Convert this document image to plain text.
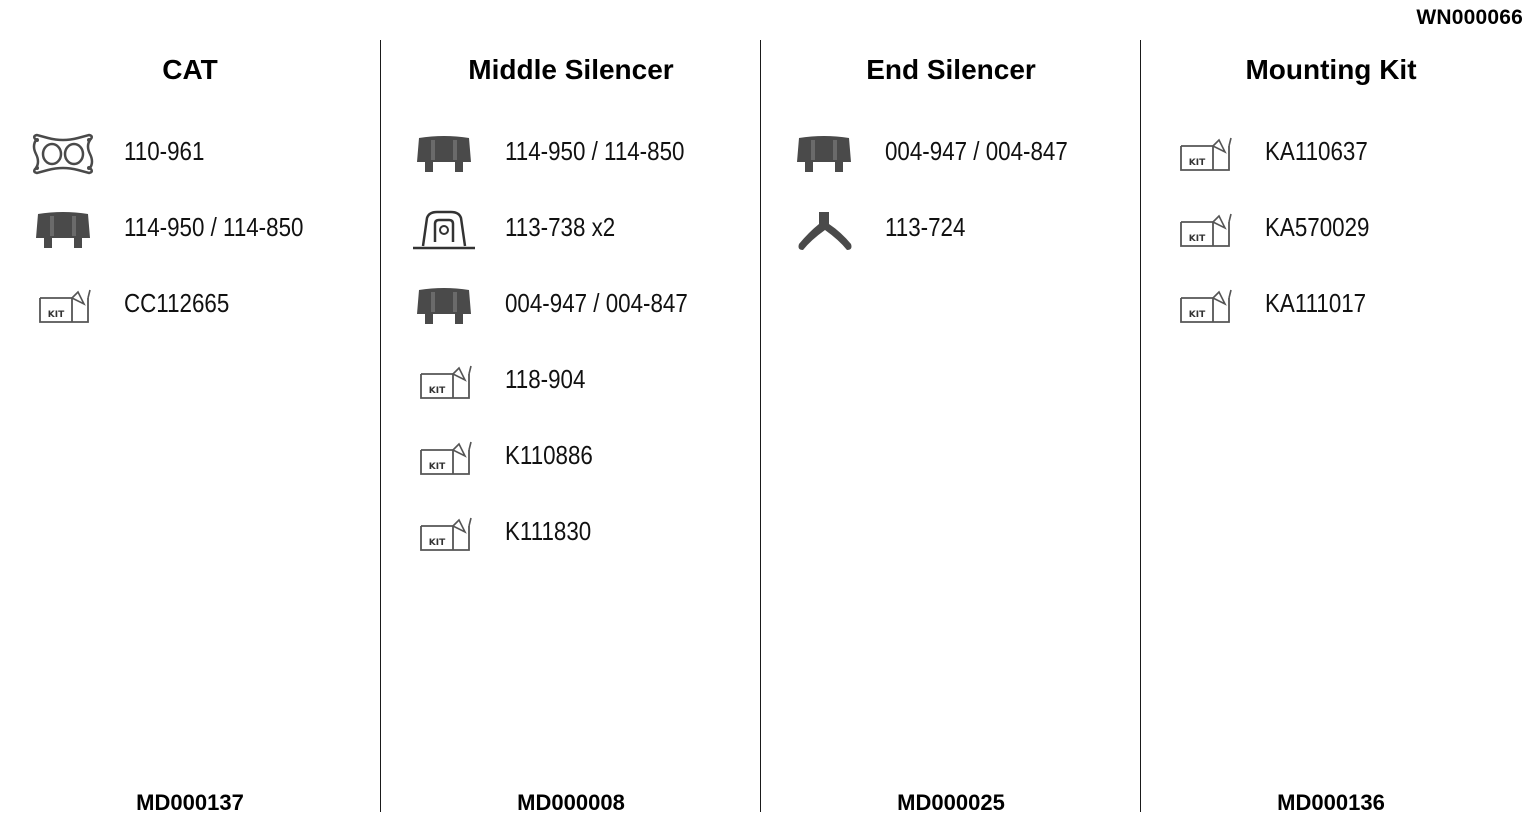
WN000066
CAT
110-961
114-950 / 114-850
KIT CC112665
MD000137
Middle Silencer
114-950 / 114-850
113-738 x2
004-947 / 004-847
KIT 118-904
KIT K110886
KIT K111830
MD000008
End Silencer
004-947 / 004-847
113-724
MD000025
Mounting Kit
KIT KA110637
KIT KA570029
KIT KA111017
MD000136
